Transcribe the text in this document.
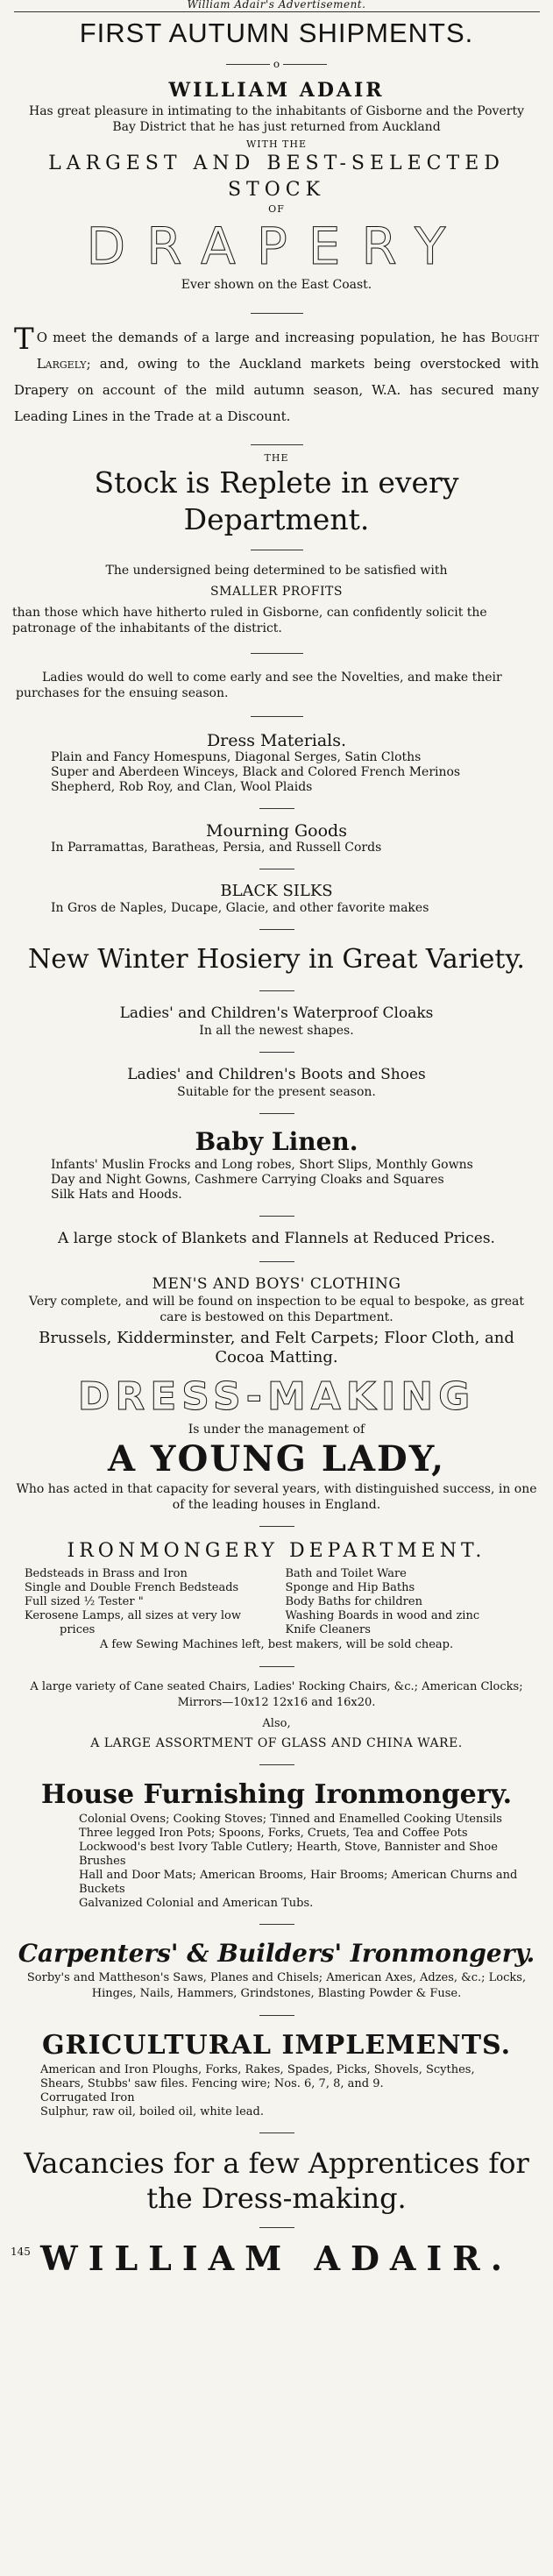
William Adair's Advertisement.
FIRST AUTUMN SHIPMENTS.
o
WILLIAM ADAIR
Has great pleasure in intimating to the inhabitants of Gisborne and the Poverty Bay District that he has just returned from Auckland
WITH THE
LARGEST AND BEST-SELECTED STOCK
OF
DRAPERY
Ever shown on the East Coast.
T O meet the demands of a large and increasing population, he has Bought Largely; and, owing to the Auckland markets being overstocked with Drapery on account of the mild autumn season, W.A. has secured many Leading Lines in the Trade at a Discount.
THE
Stock is Replete in every Department.
The undersigned being determined to be satisfied with
SMALLER PROFITS
than those which have hitherto ruled in Gisborne, can confidently solicit the patronage of the inhabitants of the district.
Ladies would do well to come early and see the Novelties, and make their purchases for the ensuing season.
Dress Materials.
Plain and Fancy Homespuns, Diagonal Serges, Satin Cloths
Super and Aberdeen Winceys, Black and Colored French Merinos
Shepherd, Rob Roy, and Clan, Wool Plaids
Mourning Goods
In Parramattas, Baratheas, Persia, and Russell Cords
BLACK SILKS
In Gros de Naples, Ducape, Glacie, and other favorite makes
New Winter Hosiery in Great Variety.
Ladies' and Children's Waterproof Cloaks
In all the newest shapes.
Ladies' and Children's Boots and Shoes
Suitable for the present season.
Baby Linen.
Infants' Muslin Frocks and Long robes, Short Slips, Monthly Gowns
Day and Night Gowns, Cashmere Carrying Cloaks and Squares
Silk Hats and Hoods.
A large stock of Blankets and Flannels at Reduced Prices.
MEN'S AND BOYS' CLOTHING
Very complete, and will be found on inspection to be equal to bespoke, as great care is bestowed on this Department.
Brussels, Kidderminster, and Felt Carpets; Floor Cloth, and Cocoa Matting.
DRESS-MAKING
Is under the management of
A YOUNG LADY,
Who has acted in that capacity for several years, with distinguished success, in one of the leading houses in England.
IRONMONGERY DEPARTMENT.
Bedsteads in Brass and Iron
Single and Double French Bedsteads
Full sized ½ Tester "
Kerosene Lamps, all sizes at very low
prices
Bath and Toilet Ware
Sponge and Hip Baths
Body Baths for children
Washing Boards in wood and zinc
Knife Cleaners
A few Sewing Machines left, best makers, will be sold cheap.
A large variety of Cane seated Chairs, Ladies' Rocking Chairs, &c.; American Clocks; Mirrors—10x12 12x16 and 16x20.
Also,
A LARGE ASSORTMENT OF GLASS AND CHINA WARE.
House Furnishing Ironmongery.
Colonial Ovens; Cooking Stoves; Tinned and Enamelled Cooking Utensils
Three legged Iron Pots; Spoons, Forks, Cruets, Tea and Coffee Pots
Lockwood's best Ivory Table Cutlery; Hearth, Stove, Bannister and Shoe Brushes
Hall and Door Mats; American Brooms, Hair Brooms; American Churns and Buckets
Galvanized Colonial and American Tubs.
Carpenters' & Builders' Ironmongery.
Sorby's and Mattheson's Saws, Planes and Chisels; American Axes, Adzes, &c.; Locks, Hinges, Nails, Hammers, Grindstones, Blasting Powder & Fuse.
GRICULTURAL IMPLEMENTS.
American and Iron Ploughs, Forks, Rakes, Spades, Picks, Shovels, Scythes,
Shears, Stubbs' saw files. Fencing wire; Nos. 6, 7, 8, and 9.
Corrugated Iron
Sulphur, raw oil, boiled oil, white lead.
Vacancies for a few Apprentices for the Dress-making.
145 WILLIAM ADAIR.
